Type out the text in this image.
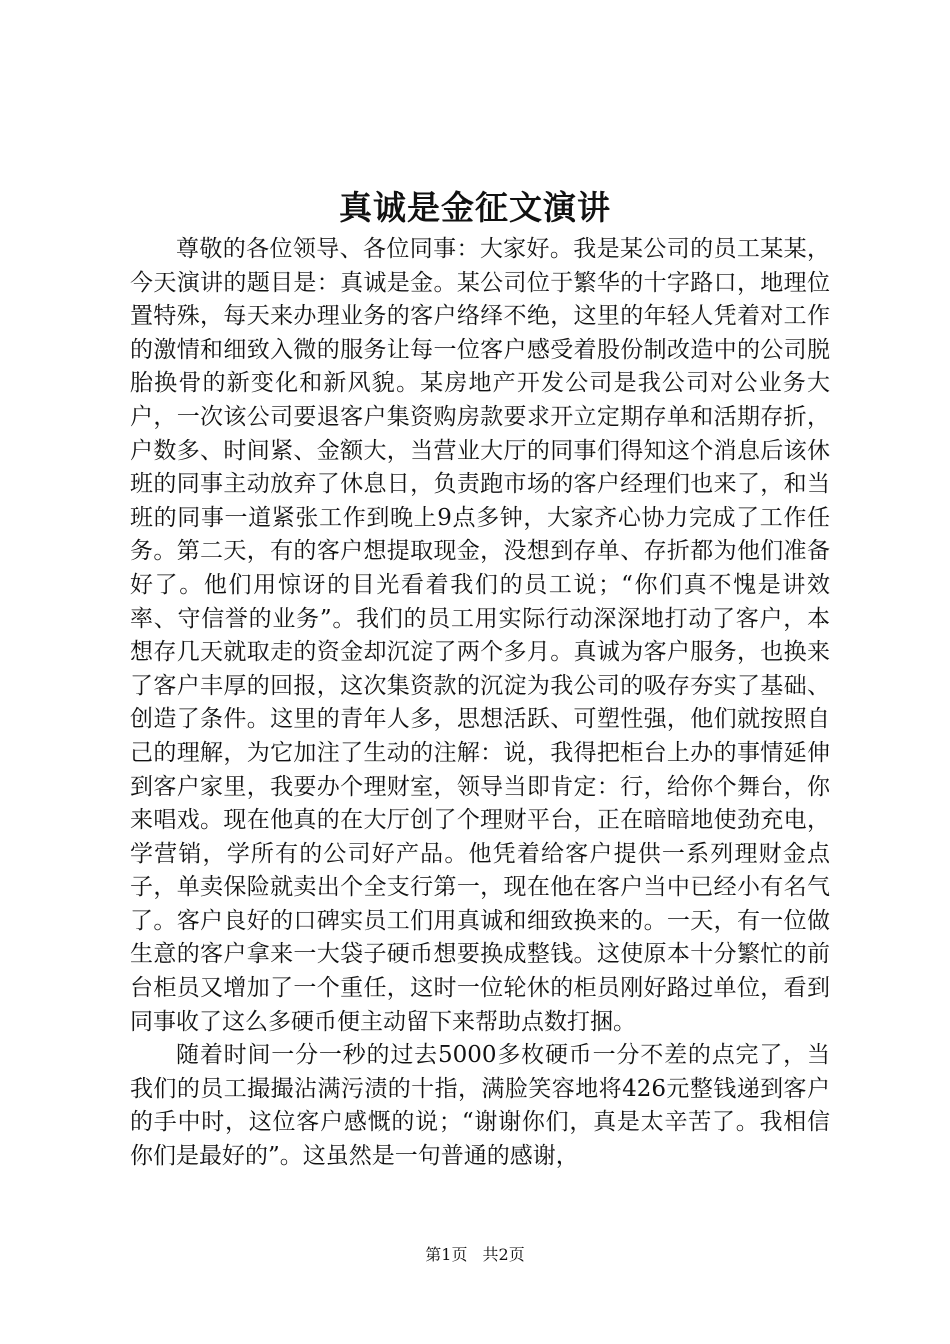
真诚是金征文演讲

尊敬的各位领导、各位同事：大家好。我是某公司的员工某某，今天演讲的题目是：真诚是金。某公司位于繁华的十字路口，地理位置特殊，每天来办理业务的客户络绎不绝，这里的年轻人凭着对工作的激情和细致入微的服务让每一位客户感受着股份制改造中的公司脱胎换骨的新变化和新风貌。某房地产开发公司是我公司对公业务大户，一次该公司要退客户集资购房款要求开立定期存单和活期存折，户数多、时间紧、金额大，当营业大厅的同事们得知这个消息后该休班的同事主动放弃了休息日，负责跑市场的客户经理们也来了，和当班的同事一道紧张工作到晚上9点多钟，大家齐心协力完成了工作任务。第二天，有的客户想提取现金，没想到存单、存折都为他们准备好了。他们用惊讶的目光看着我们的员工说；“你们真不愧是讲效率、守信誉的业务”。我们的员工用实际行动深深地打动了客户，本想存几天就取走的资金却沉淀了两个多月。真诚为客户服务，也换来了客户丰厚的回报，这次集资款的沉淀为我公司的吸存夯实了基础、创造了条件。这里的青年人多，思想活跃、可塑性强，他们就按照自己的理解，为它加注了生动的注解：说，我得把柜台上办的事情延伸到客户家里，我要办个理财室，领导当即肯定：行，给你个舞台，你来唱戏。现在他真的在大厅创了个理财平台，正在暗暗地使劲充电，学营销，学所有的公司好产品。他凭着给客户提供一系列理财金点子，单卖保险就卖出个全支行第一，现在他在客户当中已经小有名气了。客户良好的口碑实员工们用真诚和细致换来的。一天，有一位做生意的客户拿来一大袋子硬币想要换成整钱。这使原本十分繁忙的前台柜员又增加了一个重任，这时一位轮休的柜员刚好路过单位，看到同事收了这么多硬币便主动留下来帮助点数打捆。

随着时间一分一秒的过去5000多枚硬币一分不差的点完了，当我们的员工撮撮沾满污渍的十指，满脸笑容地将426元整钱递到客户的手中时，这位客户感慨的说；“谢谢你们，真是太辛苦了。我相信你们是最好的”。这虽然是一句普通的感谢，

第1页 共2页
